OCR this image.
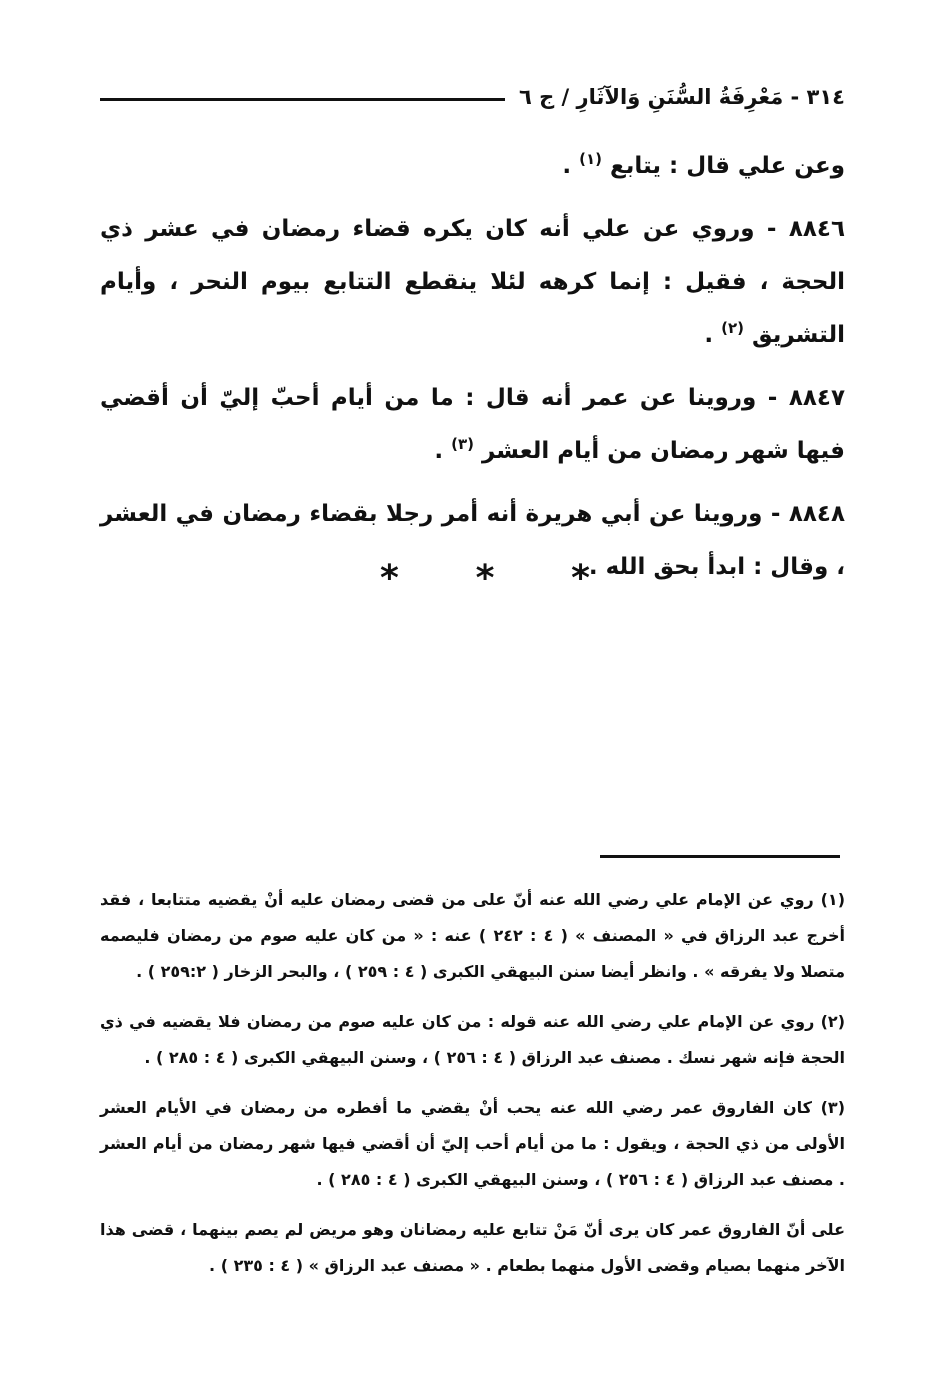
٣١٤ - مَعْرِفَةُ السُّنَنِ وَالآثَارِ / ج ٦

وعن علي قال : يتابع $^{(١)}$ .

٨٨٤٦ - وروي عن علي أنه كان يكره قضاء رمضان في عشر ذي الحجة ، فقيل : إنما كرهه لئلا ينقطع التتابع بيوم النحر ، وأيام التشريق $^{(٢)}$ .

٨٨٤٧ - وروينا عن عمر أنه قال : ما من أيام أحبّ إليّ أن أقضي فيها شهر رمضان من أيام العشر $^{(٣)}$ .

٨٨٤٨ - وروينا عن أبي هريرة أنه أمر رجلا بقضاء رمضان في العشر ، وقال : ابدأ بحق الله .

* * *

(١) روي عن الإمام علي رضي الله عنه أنّ على من قضى رمضان عليه أنْ يقضيه متتابعا ، فقد أخرج عبد الرزاق في « المصنف » ( ٤ : ٢٤٢ ) عنه : « من كان عليه صوم من رمضان فليصمه متصلا ولا يفرقه » . وانظر أيضا سنن البيهقي الكبرى ( ٤ : ٢٥٩ ) ، والبحر الزخار ( ٢٥٩:٢ ) .

(٢) روي عن الإمام علي رضي الله عنه قوله : من كان عليه صوم من رمضان فلا يقضيه في ذي الحجة فإنه شهر نسك . مصنف عبد الرزاق ( ٤ : ٢٥٦ ) ، وسنن البيهقي الكبرى ( ٤ : ٢٨٥ ) .

(٣) كان الفاروق عمر رضي الله عنه يحب أنْ يقضي ما أفطره من رمضان في الأيام العشر الأولى من ذي الحجة ، ويقول : ما من أيام أحب إليّ أن أقضي فيها شهر رمضان من أيام العشر . مصنف عبد الرزاق ( ٤ : ٢٥٦ ) ، وسنن البيهقي الكبرى ( ٤ : ٢٨٥ ) .

على أنّ الفاروق عمر كان يرى أنّ مَنْ تتابع عليه رمضانان وهو مريض لم يصم بينهما ، قضى هذا الآخر منهما بصيام وقضى الأول منهما بطعام . « مصنف عبد الرزاق » ( ٤ : ٢٣٥ ) .
